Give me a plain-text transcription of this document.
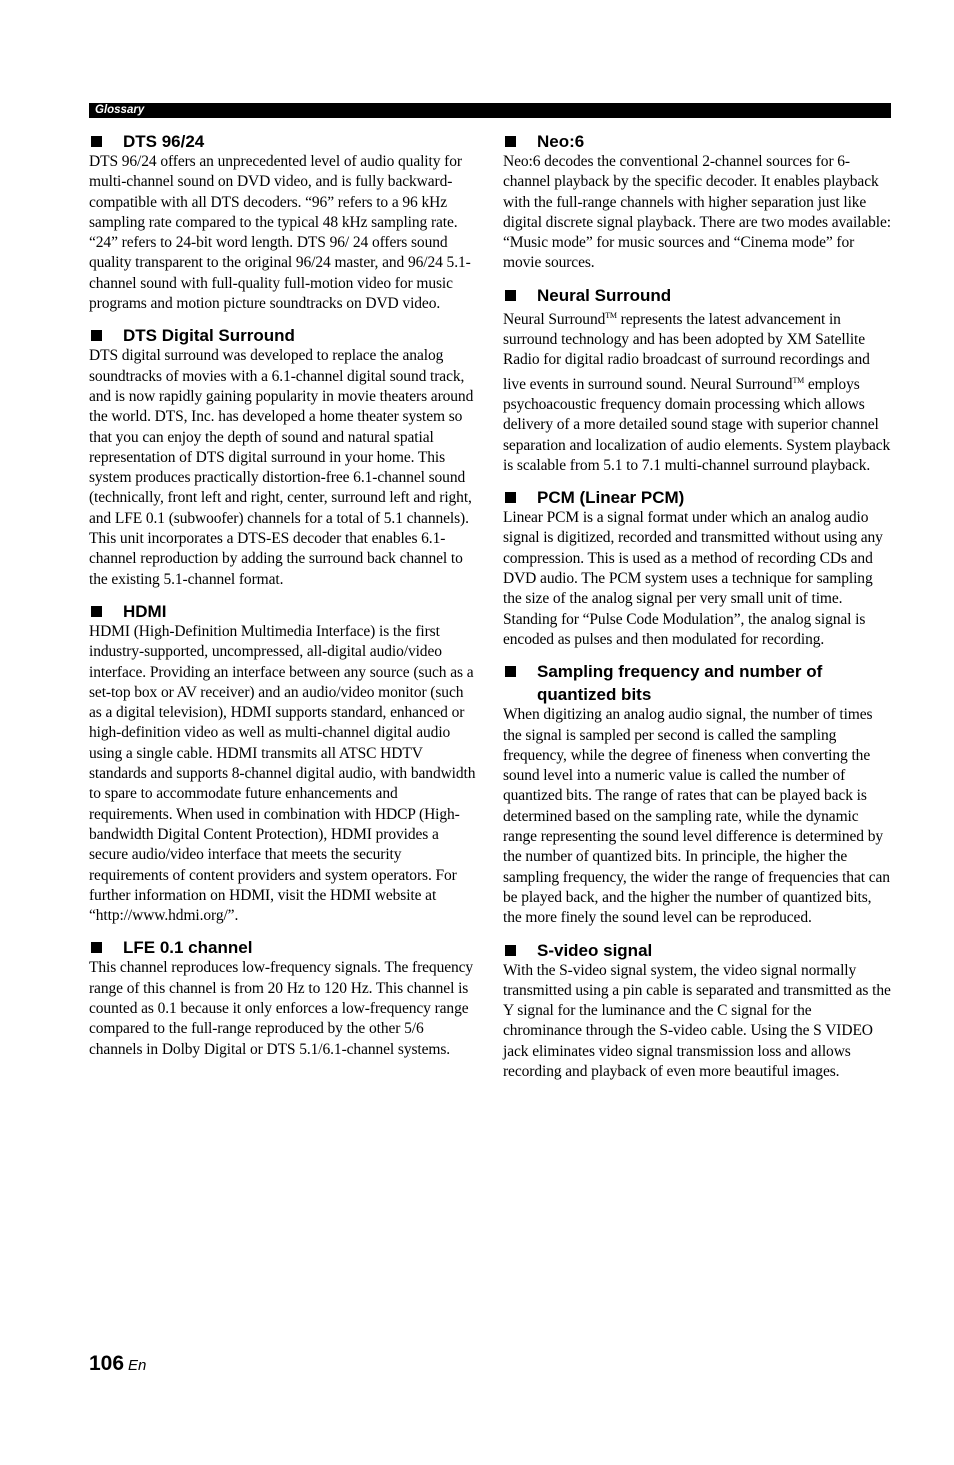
Glossary
DTS 96/24

DTS 96/24 offers an unprecedented level of audio quality for multi-channel sound on DVD video, and is fully backward-compatible with all DTS decoders. “96” refers to a 96 kHz sampling rate compared to the typical 48 kHz sampling rate. “24” refers to 24-bit word length. DTS 96/ 24 offers sound quality transparent to the original 96/24 master, and 96/24 5.1-channel sound with full-quality full-motion video for music programs and motion picture soundtracks on DVD video.

DTS Digital Surround

DTS digital surround was developed to replace the analog soundtracks of movies with a 6.1-channel digital sound track, and is now rapidly gaining popularity in movie theaters around the world. DTS, Inc. has developed a home theater system so that you can enjoy the depth of sound and natural spatial representation of DTS digital surround in your home. This system produces practically distortion-free 6.1-channel sound (technically, front left and right, center, surround left and right, and LFE 0.1 (subwoofer) channels for a total of 5.1 channels). This unit incorporates a DTS-ES decoder that enables 6.1-channel reproduction by adding the surround back channel to the existing 5.1-channel format.

HDMI

HDMI (High-Definition Multimedia Interface) is the first industry-supported, uncompressed, all-digital audio/video interface. Providing an interface between any source (such as a set-top box or AV receiver) and an audio/video monitor (such as a digital television), HDMI supports standard, enhanced or high-definition video as well as multi-channel digital audio using a single cable. HDMI transmits all ATSC HDTV standards and supports 8-channel digital audio, with bandwidth to spare to accommodate future enhancements and requirements. When used in combination with HDCP (High-bandwidth Digital Content Protection), HDMI provides a secure audio/video interface that meets the security requirements of content providers and system operators. For further information on HDMI, visit the HDMI website at “http://www.hdmi.org/”.

LFE 0.1 channel

This channel reproduces low-frequency signals. The frequency range of this channel is from 20 Hz to 120 Hz. This channel is counted as 0.1 because it only enforces a low-frequency range compared to the full-range reproduced by the other 5/6 channels in Dolby Digital or DTS 5.1/6.1-channel systems.

Neo:6

Neo:6 decodes the conventional 2-channel sources for 6-channel playback by the specific decoder. It enables playback with the full-range channels with higher separation just like digital discrete signal playback. There are two modes available: “Music mode” for music sources and “Cinema mode” for movie sources.

Neural Surround

Neural Surround™ represents the latest advancement in surround technology and has been adopted by XM Satellite Radio for digital radio broadcast of surround recordings and live events in surround sound. Neural Surround™ employs psychoacoustic frequency domain processing which allows delivery of a more detailed sound stage with superior channel separation and localization of audio elements. System playback is scalable from 5.1 to 7.1 multi-channel surround playback.

PCM (Linear PCM)

Linear PCM is a signal format under which an analog audio signal is digitized, recorded and transmitted without using any compression. This is used as a method of recording CDs and DVD audio. The PCM system uses a technique for sampling the size of the analog signal per very small unit of time. Standing for “Pulse Code Modulation”, the analog signal is encoded as pulses and then modulated for recording.

Sampling frequency and number of quantized bits

When digitizing an analog audio signal, the number of times the signal is sampled per second is called the sampling frequency, while the degree of fineness when converting the sound level into a numeric value is called the number of quantized bits. The range of rates that can be played back is determined based on the sampling rate, while the dynamic range representing the sound level difference is determined by the number of quantized bits. In principle, the higher the sampling frequency, the wider the range of frequencies that can be played back, and the higher the number of quantized bits, the more finely the sound level can be reproduced.

S-video signal

With the S-video signal system, the video signal normally transmitted using a pin cable is separated and transmitted as the Y signal for the luminance and the C signal for the chrominance through the S-video cable. Using the S VIDEO jack eliminates video signal transmission loss and allows recording and playback of even more beautiful images.

106 En
